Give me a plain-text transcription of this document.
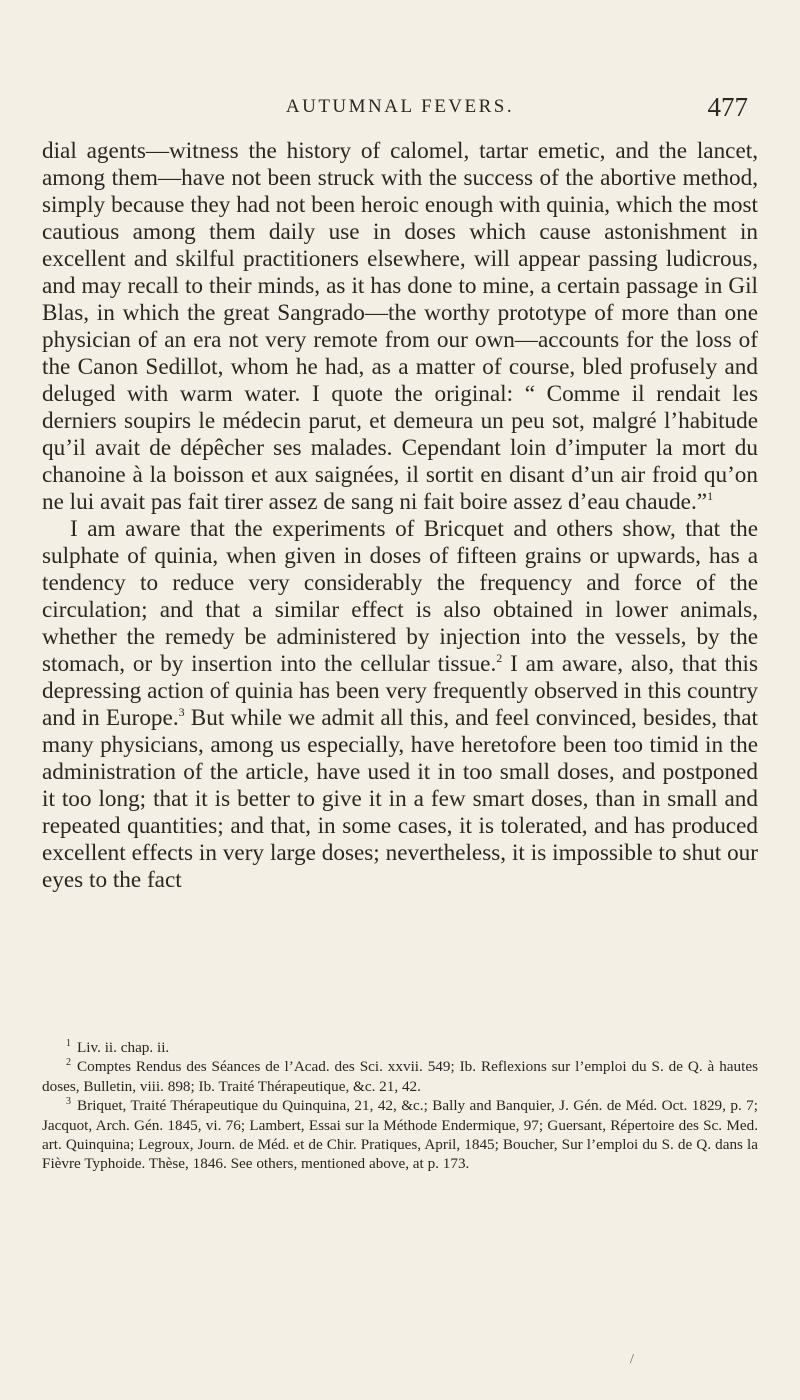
AUTUMNAL FEVERS.	477

dial agents—witness the history of calomel, tartar emetic, and the lancet, among them—have not been struck with the success of the abortive method, simply because they had not been heroic enough with quinia, which the most cautious among them daily use in doses which cause astonishment in excellent and skilful practitioners elsewhere, will appear passing ludicrous, and may recall to their minds, as it has done to mine, a certain passage in Gil Blas, in which the great Sangrado—the worthy prototype of more than one physician of an era not very remote from our own—accounts for the loss of the Canon Sedillot, whom he had, as a matter of course, bled profusely and deluged with warm water. I quote the original: “ Comme il rendait les derniers soupirs le médecin parut, et demeura un peu sot, malgré l’habitude qu’il avait de dépêcher ses malades. Cependant loin d’imputer la mort du chanoine à la boisson et aux saignées, il sortit en disant d’un air froid qu’on ne lui avait pas fait tirer assez de sang ni fait boire assez d’eau chaude.”$^1$

I am aware that the experiments of Bricquet and others show, that the sulphate of quinia, when given in doses of fifteen grains or upwards, has a tendency to reduce very considerably the frequency and force of the circulation; and that a similar effect is also obtained in lower animals, whether the remedy be administered by injection into the vessels, by the stomach, or by insertion into the cellular tissue.$^2$ I am aware, also, that this depressing action of quinia has been very frequently observed in this country and in Europe.$^3$ But while we admit all this, and feel convinced, besides, that many physicians, among us especially, have heretofore been too timid in the administration of the article, have used it in too small doses, and postponed it too long; that it is better to give it in a few smart doses, than in small and repeated quantities; and that, in some cases, it is tolerated, and has produced excellent effects in very large doses; nevertheless, it is impossible to shut our eyes to the fact

$^1$ Liv. ii. chap. ii.

$^2$ Comptes Rendus des Séances de l’Acad. des Sci. xxvii. 549; Ib. Reflexions sur l’emploi du S. de Q. à hautes doses, Bulletin, viii. 898; Ib. Traité Thérapeutique, &c. 21, 42.

$^3$ Briquet, Traité Thérapeutique du Quinquina, 21, 42, &c.; Bally and Banquier, J. Gén. de Méd. Oct. 1829, p. 7; Jacquot, Arch. Gén. 1845, vi. 76; Lambert, Essai sur la Méthode Endermique, 97; Guersant, Répertoire des Sc. Med. art. Quinquina; Legroux, Journ. de Méd. et de Chir. Pratiques, April, 1845; Boucher, Sur l’emploi du S. de Q. dans la Fièvre Typhoide. Thèse, 1846. See others, mentioned above, at p. 173.

/
